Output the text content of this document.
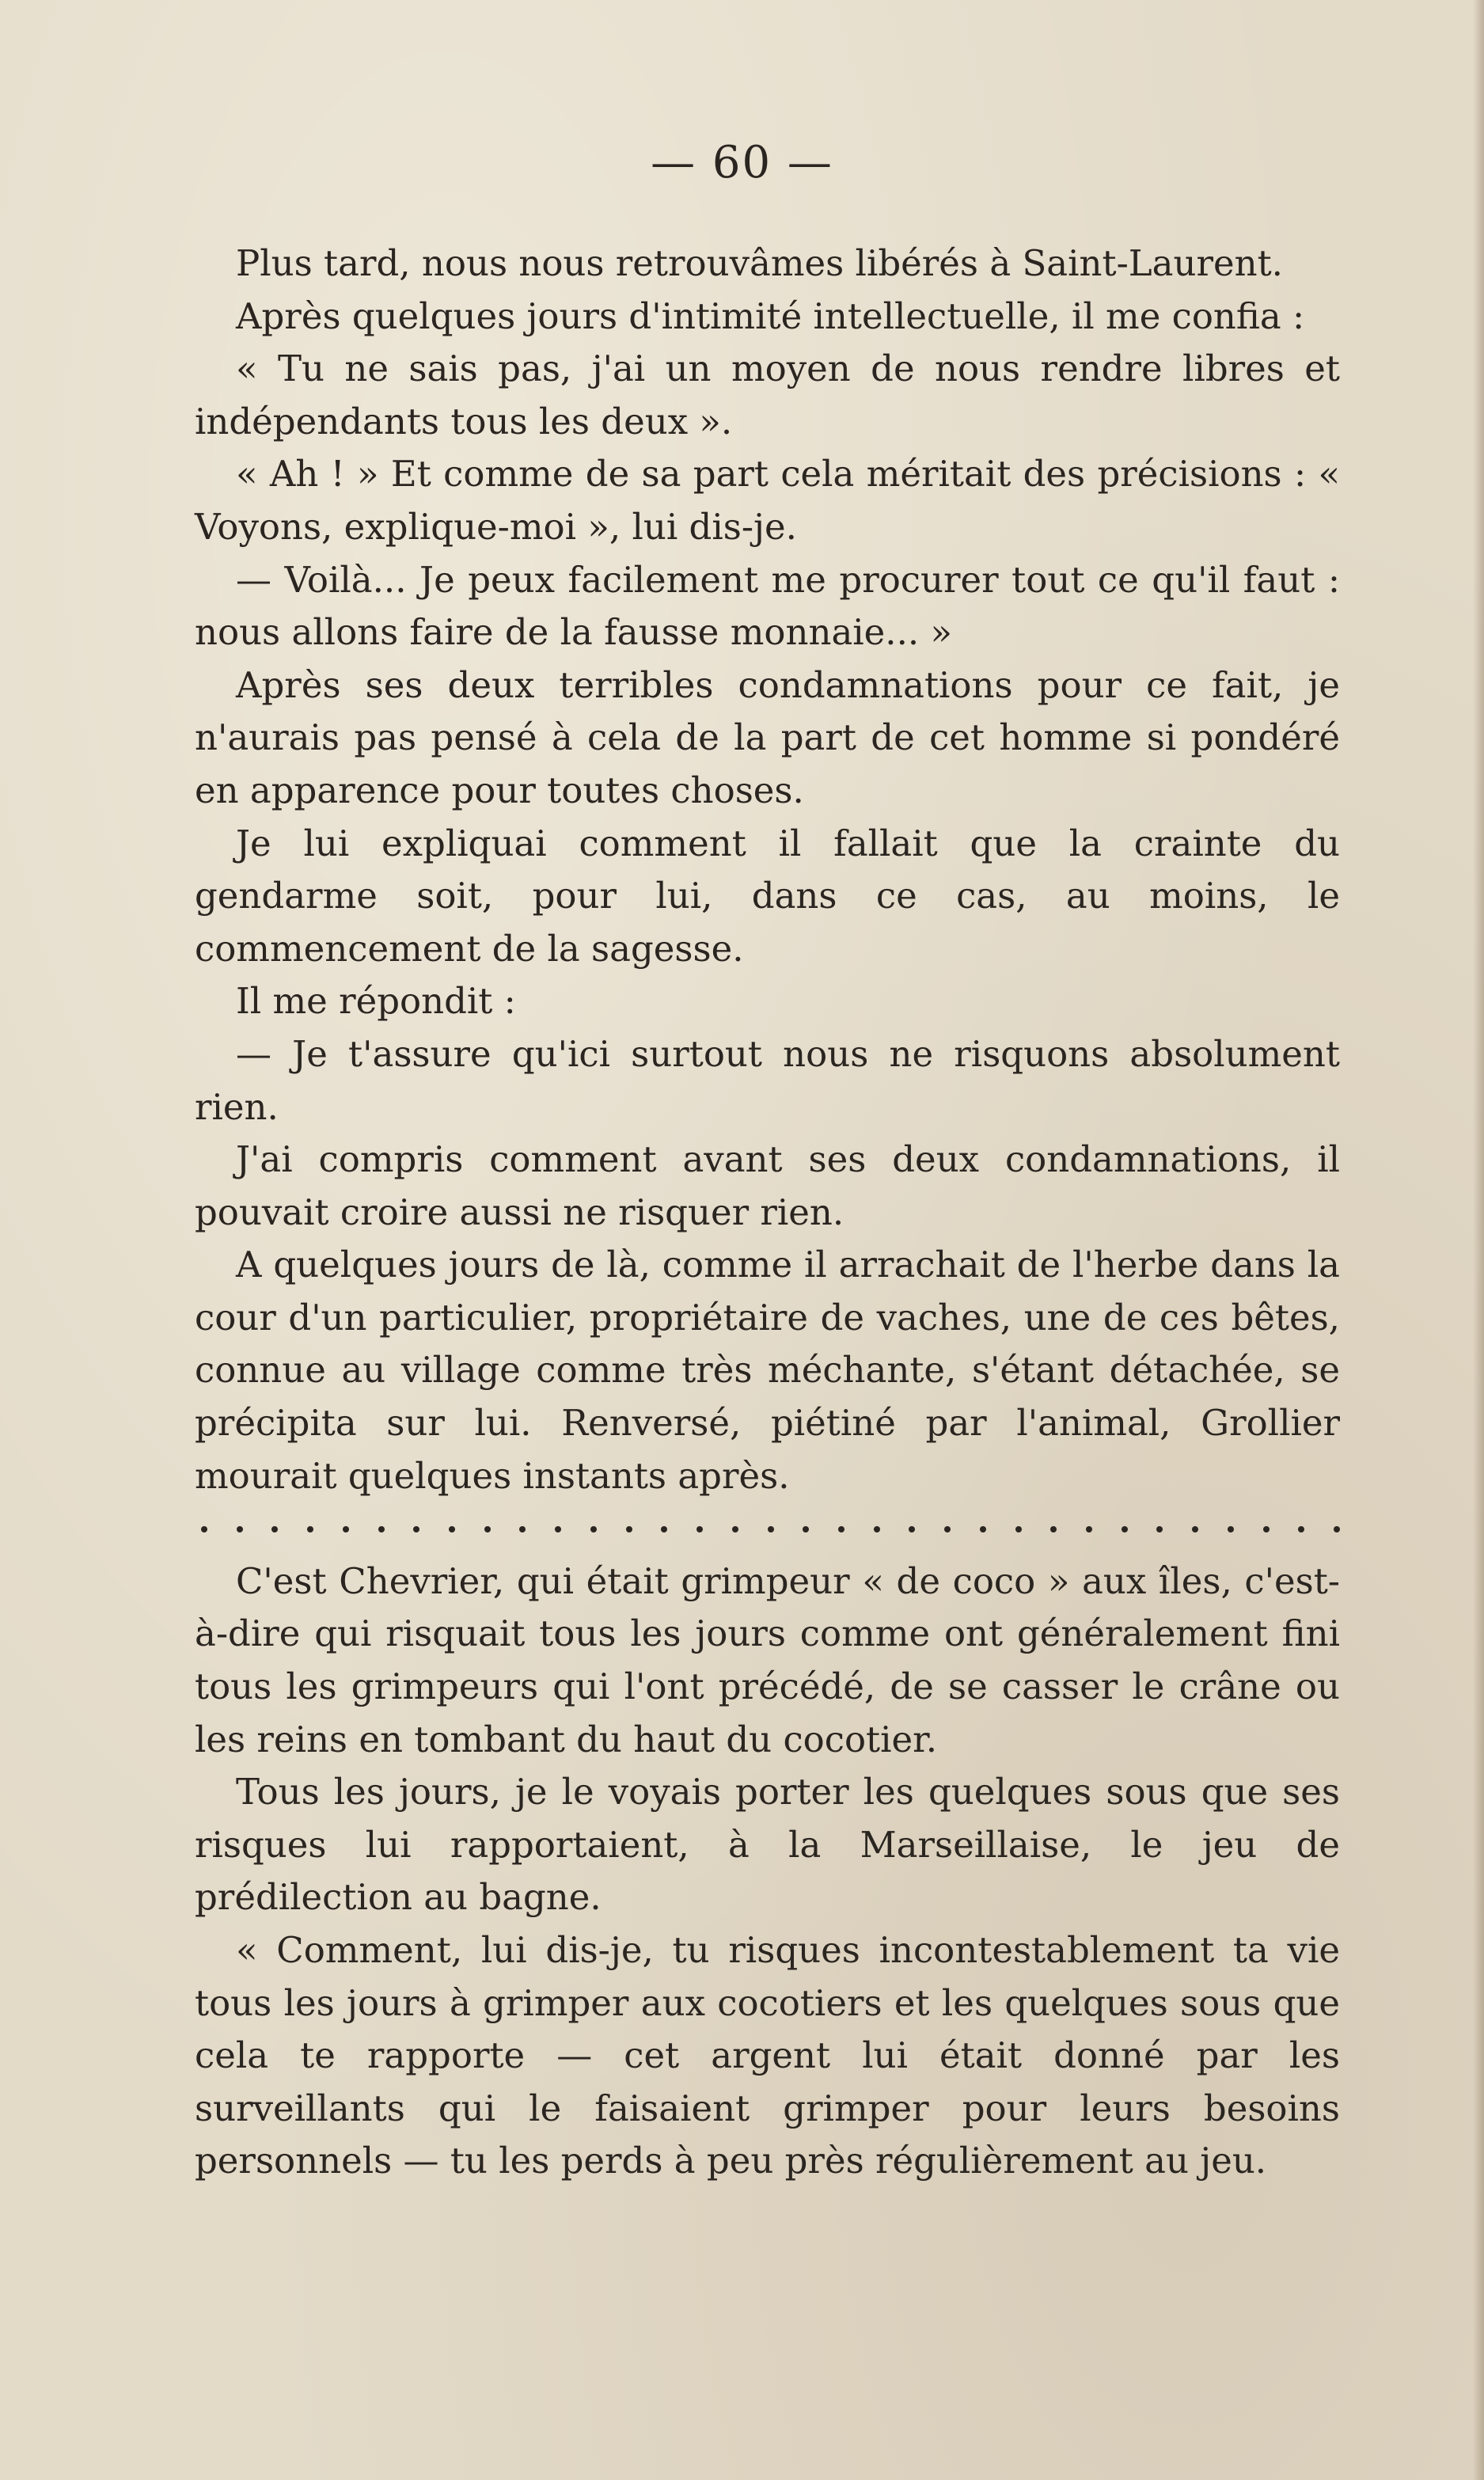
— 60 —

Plus tard, nous nous retrouvâmes libérés à Saint-Laurent.

Après quelques jours d'intimité intellectuelle, il me confia :

« Tu ne sais pas, j'ai un moyen de nous rendre libres et indépendants tous les deux ».

« Ah ! » Et comme de sa part cela méritait des précisions : « Voyons, explique-moi », lui dis-je.

— Voilà... Je peux facilement me procurer tout ce qu'il faut : nous allons faire de la fausse monnaie... »

Après ses deux terribles condamnations pour ce fait, je n'aurais pas pensé à cela de la part de cet homme si pondéré en apparence pour toutes choses.

Je lui expliquai comment il fallait que la crainte du gendarme soit, pour lui, dans ce cas, au moins, le commencement de la sagesse.

Il me répondit :

— Je t'assure qu'ici surtout nous ne risquons absolument rien.

J'ai compris comment avant ses deux condamnations, il pouvait croire aussi ne risquer rien.

A quelques jours de là, comme il arrachait de l'herbe dans la cour d'un particulier, propriétaire de vaches, une de ces bêtes, connue au village comme très méchante, s'étant détachée, se précipita sur lui. Renversé, piétiné par l'animal, Grollier mourait quelques instants après.

C'est Chevrier, qui était grimpeur « de coco » aux îles, c'est-à-dire qui risquait tous les jours comme ont généralement fini tous les grimpeurs qui l'ont précédé, de se casser le crâne ou les reins en tombant du haut du cocotier.

Tous les jours, je le voyais porter les quelques sous que ses risques lui rapportaient, à la Marseillaise, le jeu de prédilection au bagne.

« Comment, lui dis-je, tu risques incontestablement ta vie tous les jours à grimper aux cocotiers et les quelques sous que cela te rapporte — cet argent lui était donné par les surveillants qui le faisaient grimper pour leurs besoins personnels — tu les perds à peu près régulièrement au jeu.
